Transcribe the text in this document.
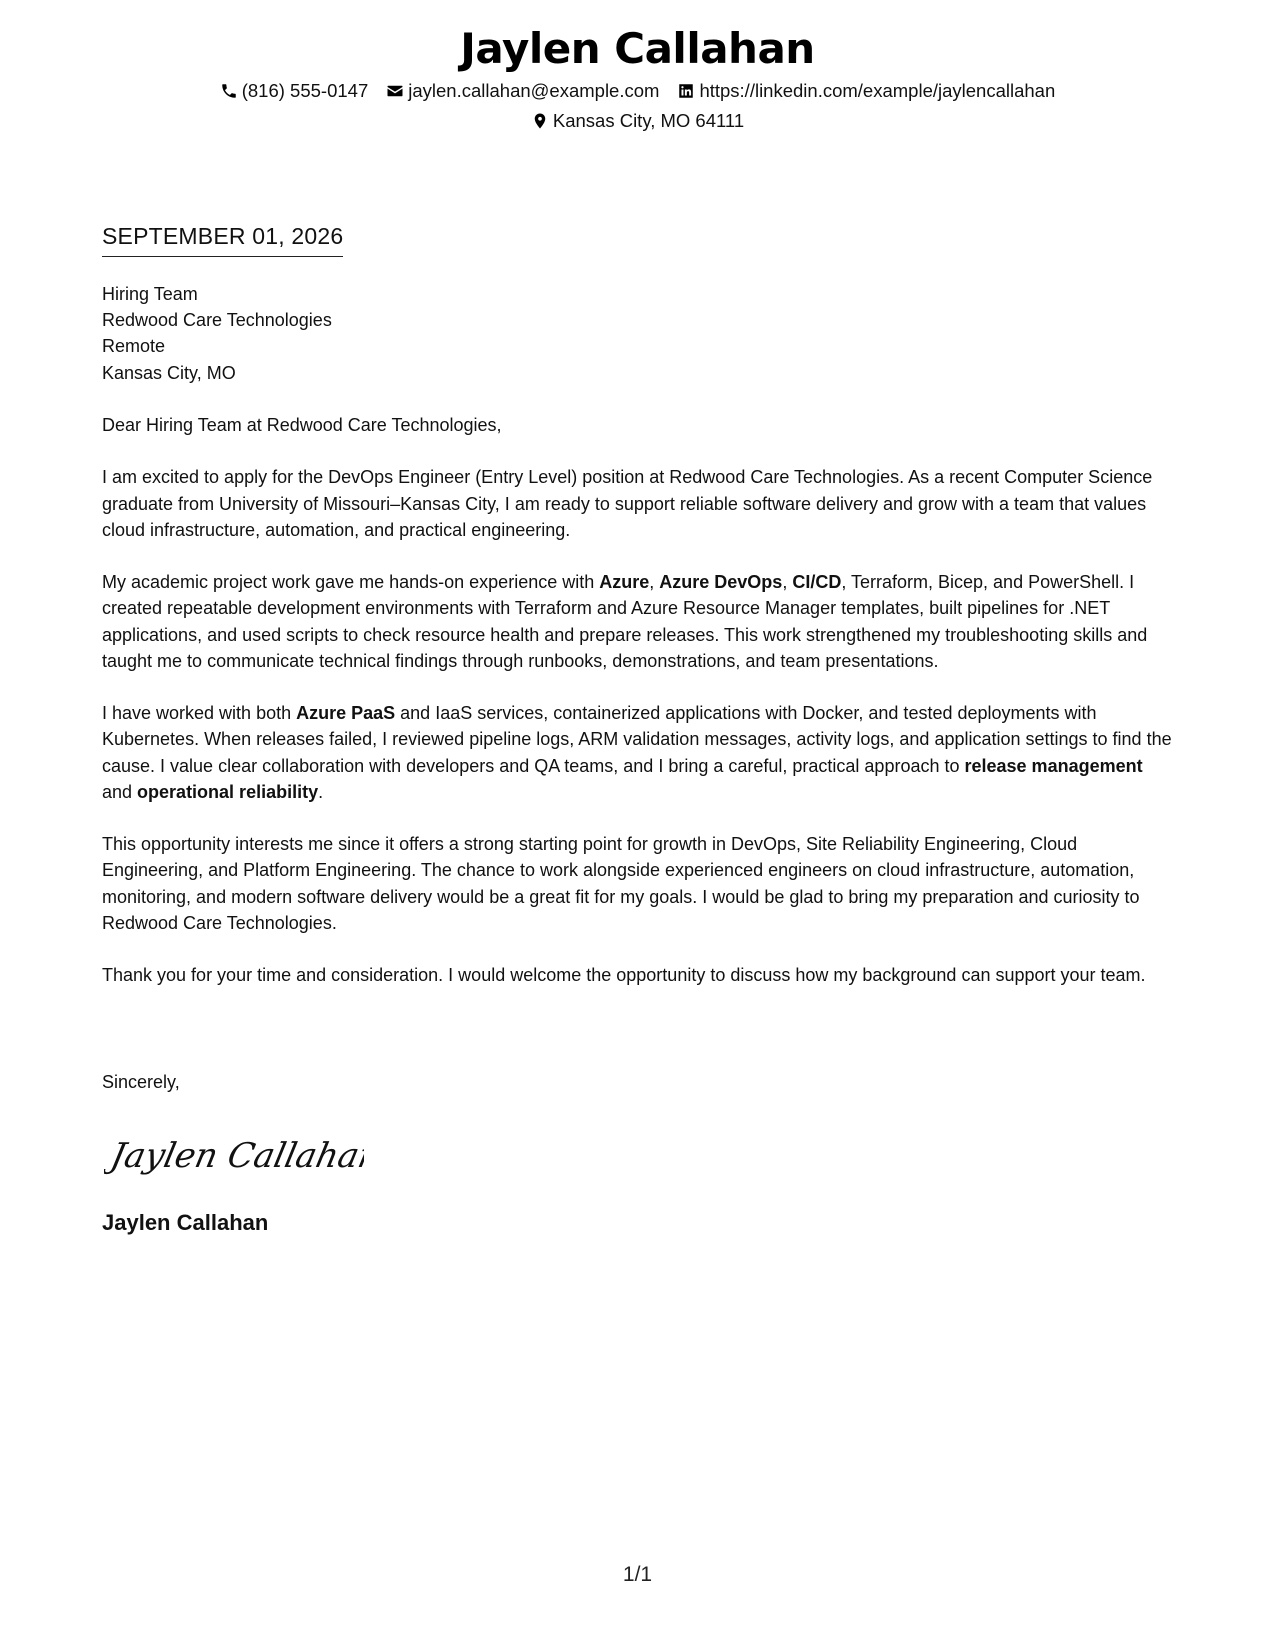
Jaylen Callahan
(816) 555-0147 jaylen.callahan@example.com https://linkedin.com/example/jaylencallahan
Kansas City, MO 64111
SEPTEMBER 01, 2026
Hiring Team
Redwood Care Technologies
Remote
Kansas City, MO

Dear Hiring Team at Redwood Care Technologies,

I am excited to apply for the DevOps Engineer (Entry Level) position at Redwood Care Technologies. As a recent Computer Science graduate from University of Missouri–Kansas City, I am ready to support reliable software delivery and grow with a team that values cloud infrastructure, automation, and practical engineering.

My academic project work gave me hands-on experience with Azure, Azure DevOps, CI/CD, Terraform, Bicep, and PowerShell. I created repeatable development environments with Terraform and Azure Resource Manager templates, built pipelines for .NET applications, and used scripts to check resource health and prepare releases. This work strengthened my troubleshooting skills and taught me to communicate technical findings through runbooks, demonstrations, and team presentations.

I have worked with both Azure PaaS and IaaS services, containerized applications with Docker, and tested deployments with Kubernetes. When releases failed, I reviewed pipeline logs, ARM validation messages, activity logs, and application settings to find the cause. I value clear collaboration with developers and QA teams, and I bring a careful, practical approach to release management and operational reliability.

This opportunity interests me since it offers a strong starting point for growth in DevOps, Site Reliability Engineering, Cloud Engineering, and Platform Engineering. The chance to work alongside experienced engineers on cloud infrastructure, automation, monitoring, and modern software delivery would be a great fit for my goals. I would be glad to bring my preparation and curiosity to Redwood Care Technologies.

Thank you for your time and consideration. I would welcome the opportunity to discuss how my background can support your team.

Sincerely,
Jaylen Callahan
Jaylen Callahan
1/1
